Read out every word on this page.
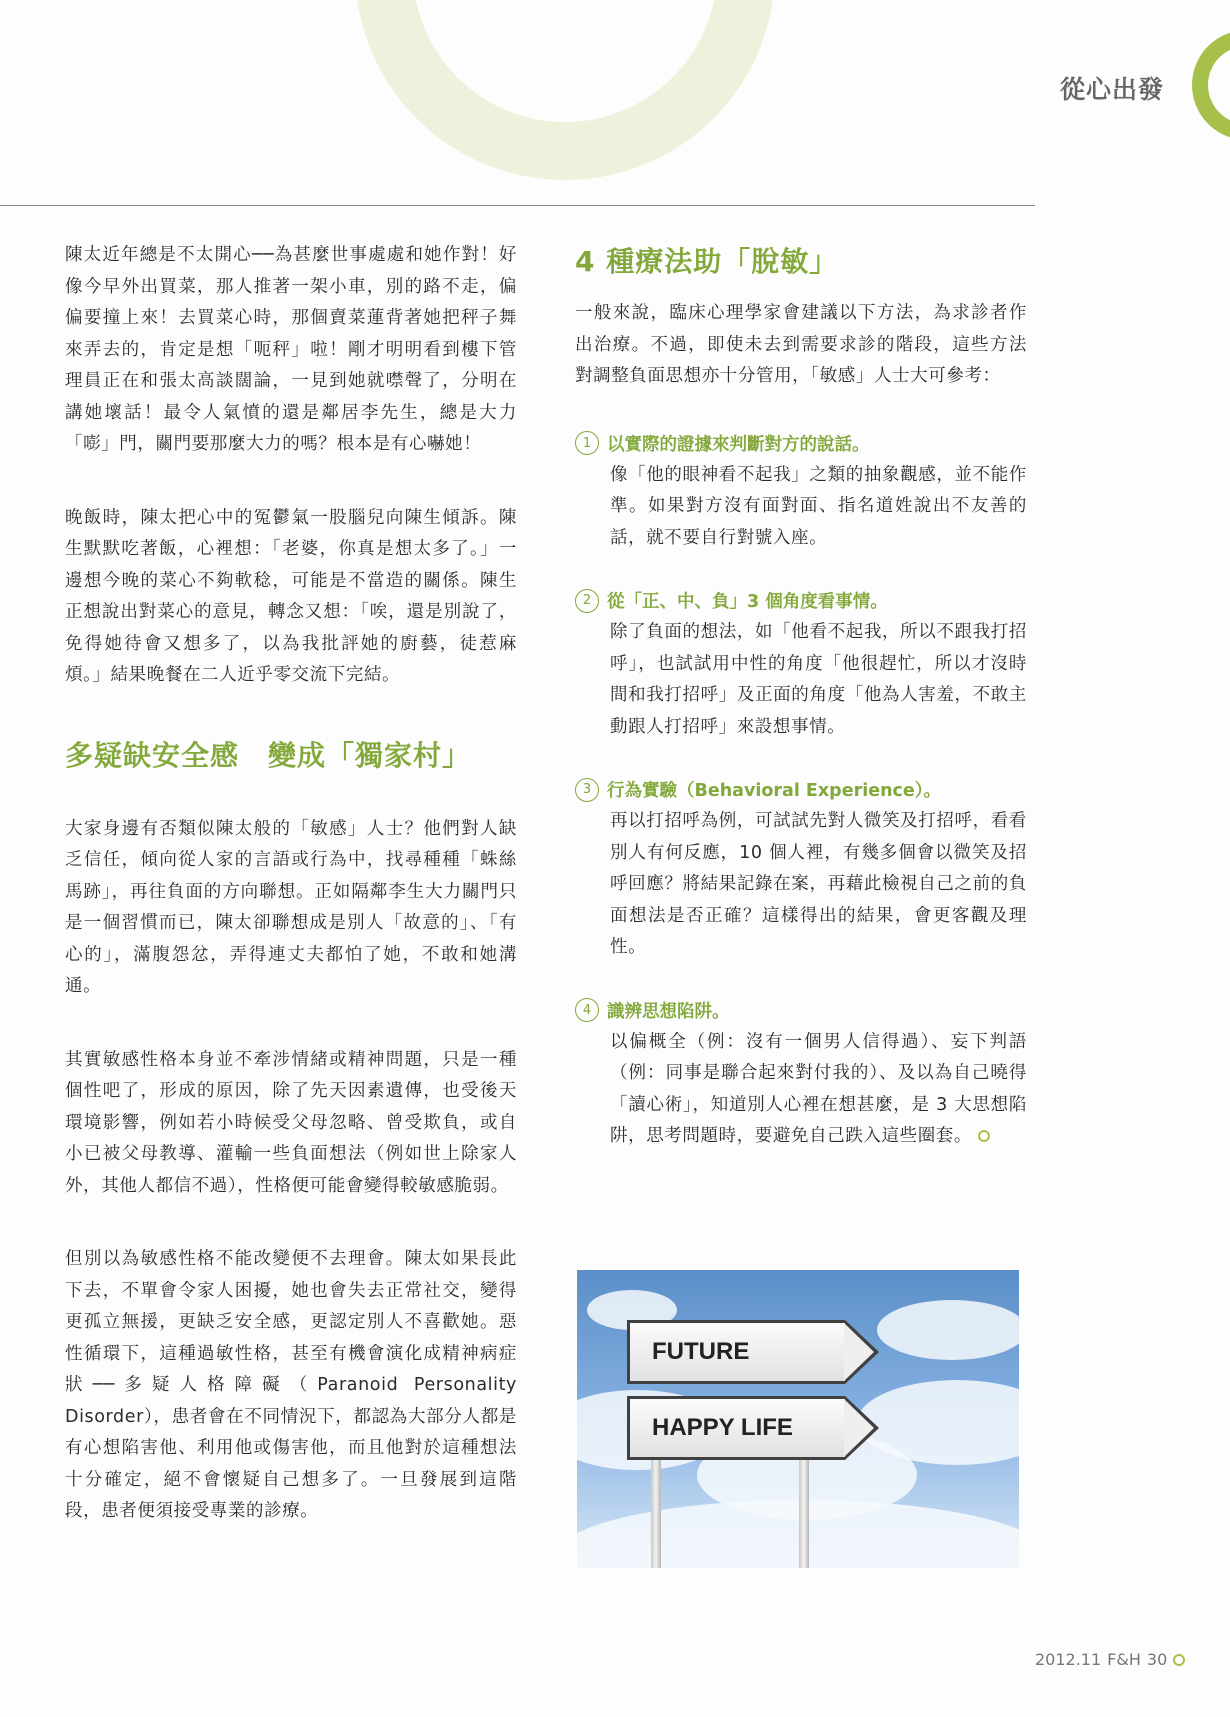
從心出發

陳太近年總是不太開心──為甚麼世事處處和她作對！好像今早外出買菜，那人推著一架小車，別的路不走，偏偏要撞上來！去買菜心時，那個賣菜蓮背著她把秤子舞來弄去的，肯定是想「呃秤」啦！剛才明明看到樓下管理員正在和張太高談闊論，一見到她就噤聲了，分明在講她壞話！最令人氣憤的還是鄰居李先生，總是大力「嘭」門，關門要那麼大力的嗎？根本是有心嚇她！

晚飯時，陳太把心中的冤鬱氣一股腦兒向陳生傾訴。陳生默默吃著飯，心裡想：「老婆，你真是想太多了。」一邊想今晚的菜心不夠軟稔，可能是不當造的關係。陳生正想說出對菜心的意見，轉念又想：「唉，還是別說了，免得她待會又想多了，以為我批評她的廚藝，徒惹麻煩。」結果晚餐在二人近乎零交流下完結。

多疑缺安全感　變成「獨家村」

大家身邊有否類似陳太般的「敏感」人士？他們對人缺乏信任，傾向從人家的言語或行為中，找尋種種「蛛絲馬跡」，再往負面的方向聯想。正如隔鄰李生大力關門只是一個習慣而已，陳太卻聯想成是別人「故意的」、「有心的」，滿腹怨忿，弄得連丈夫都怕了她，不敢和她溝通。

其實敏感性格本身並不牽涉情緒或精神問題，只是一種個性吧了，形成的原因，除了先天因素遺傳，也受後天環境影響，例如若小時候受父母忽略、曾受欺負，或自小已被父母教導、灌輸一些負面想法（例如世上除家人外，其他人都信不過），性格便可能會變得較敏感脆弱。

但別以為敏感性格不能改變便不去理會。陳太如果長此下去，不單會令家人困擾，她也會失去正常社交，變得更孤立無援，更缺乏安全感，更認定別人不喜歡她。惡性循環下，這種過敏性格，甚至有機會演化成精神病症狀──多疑人格障礙（Paranoid Personality Disorder），患者會在不同情況下，都認為大部分人都是有心想陷害他、利用他或傷害他，而且他對於這種想法十分確定，絕不會懷疑自己想多了。一旦發展到這階段，患者便須接受專業的診療。

4 種療法助「脫敏」

一般來說，臨床心理學家會建議以下方法，為求診者作出治療。不過，即使未去到需要求診的階段，這些方法對調整負面思想亦十分管用，「敏感」人士大可參考：

1 以實際的證據來判斷對方的說話。
像「他的眼神看不起我」之類的抽象觀感，並不能作準。如果對方沒有面對面、指名道姓說出不友善的話，就不要自行對號入座。
2 從「正、中、負」3 個角度看事情。
除了負面的想法，如「他看不起我，所以不跟我打招呼」，也試試用中性的角度「他很趕忙，所以才沒時間和我打招呼」及正面的角度「他為人害羞，不敢主動跟人打招呼」來設想事情。
3 行為實驗（Behavioral Experience）。
再以打招呼為例，可試試先對人微笑及打招呼，看看別人有何反應，10 個人裡，有幾多個會以微笑及招呼回應？將結果記錄在案，再藉此檢視自己之前的負面想法是否正確？這樣得出的結果，會更客觀及理性。
4 識辨思想陷阱。
以偏概全（例：沒有一個男人信得過）、妄下判語（例：同事是聯合起來對付我的）、及以為自己曉得「讀心術」，知道別人心裡在想甚麼，是 3 大思想陷阱，思考問題時，要避免自己跌入這些圈套。
FUTURE
HAPPY LIFE
2012.11 F&H 30
